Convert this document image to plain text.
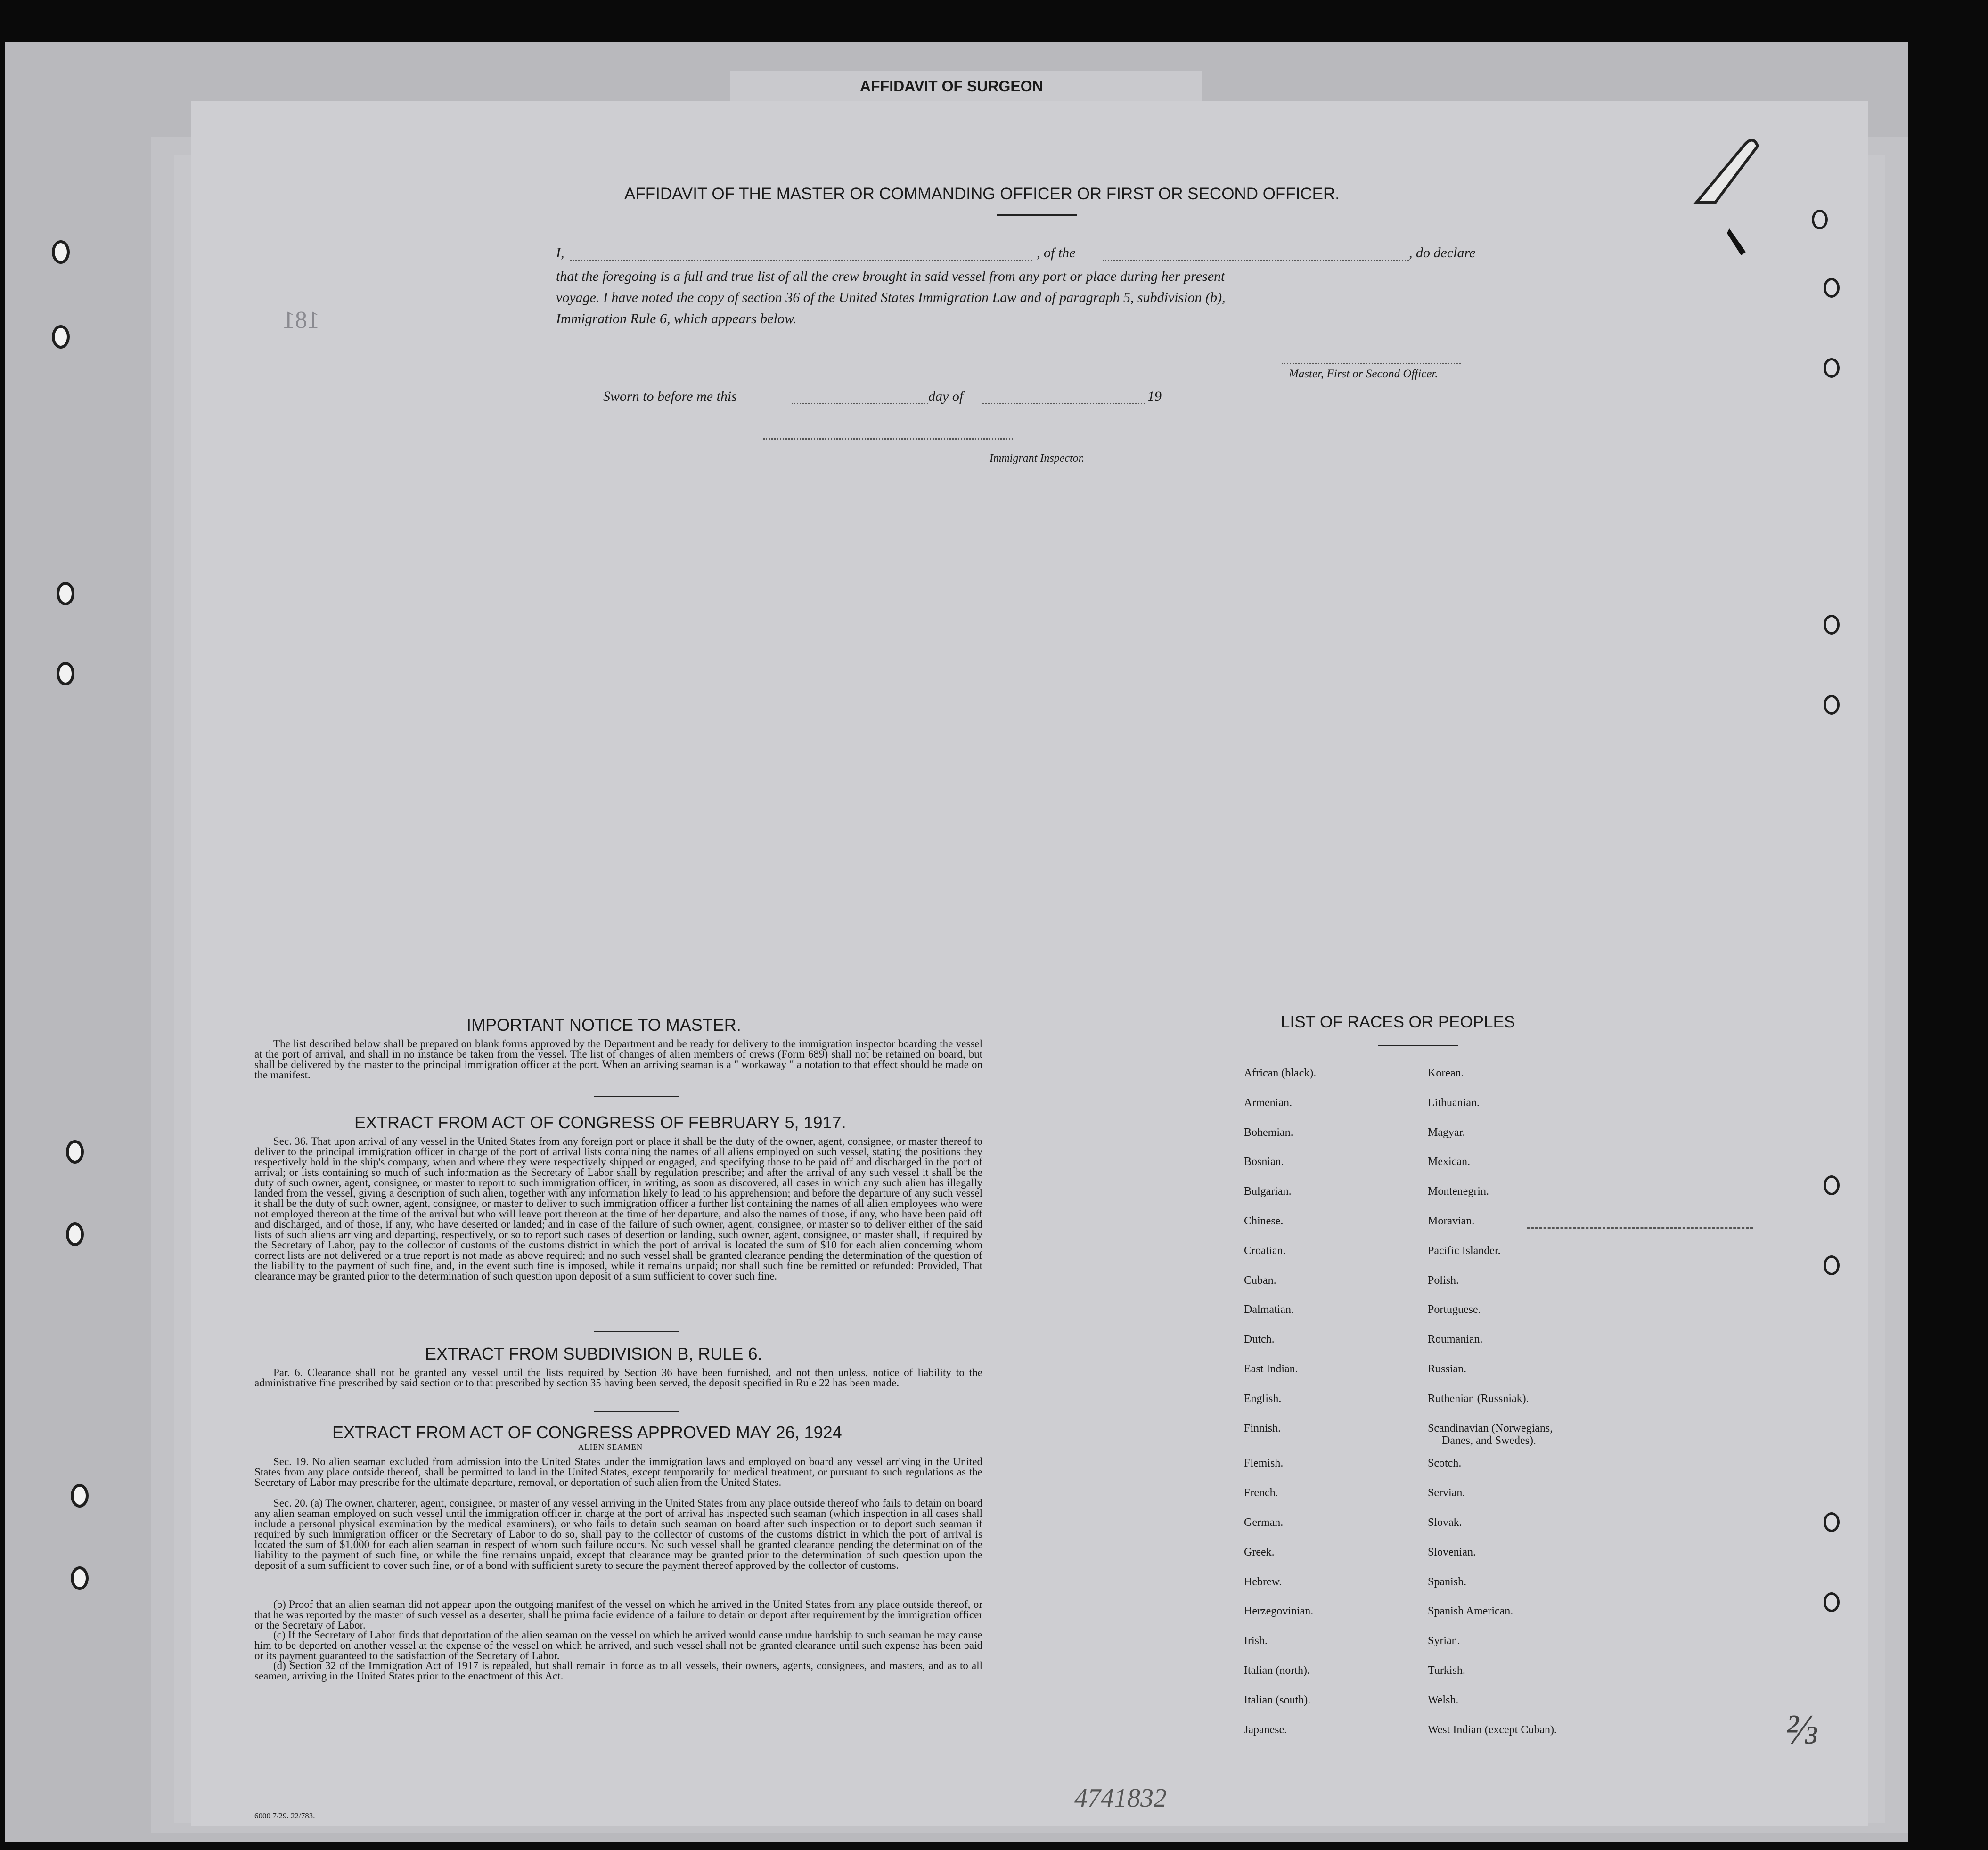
AFFIDAVIT OF SURGEON
181
AFFIDAVIT OF THE MASTER OR COMMANDING OFFICER OR FIRST OR SECOND OFFICER.
I,	, of the	, do declare
that the foregoing is a full and true list of all the crew brought in said vessel from any port or place during her present
voyage. I have noted the copy of section 36 of the United States Immigration Law and of paragraph 5, subdivision (b),
Immigration Rule 6, which appears below.
Master, First or Second Officer.
Sworn to before me this	day of	19
Immigrant Inspector.
IMPORTANT NOTICE TO MASTER.
The list described below shall be prepared on blank forms approved by the Department and be ready for delivery to the immigration inspector boarding the vessel at the port of arrival, and shall in no instance be taken from the vessel. The list of changes of alien members of crews (Form 689) shall not be retained on board, but shall be delivered by the master to the principal immigration officer at the port. When an arriving seaman is a " workaway " a notation to that effect should be made on the manifest.
EXTRACT FROM ACT OF CONGRESS OF FEBRUARY 5, 1917.
Sec. 36. That upon arrival of any vessel in the United States from any foreign port or place it shall be the duty of the owner, agent, consignee, or master thereof to deliver to the principal immigration officer in charge of the port of arrival lists containing the names of all aliens employed on such vessel, stating the positions they respectively hold in the ship's company, when and where they were respectively shipped or engaged, and specifying those to be paid off and discharged in the port of arrival; or lists containing so much of such information as the Secretary of Labor shall by regulation prescribe; and after the arrival of any such vessel it shall be the duty of such owner, agent, consignee, or master to report to such immigration officer, in writing, as soon as discovered, all cases in which any such alien has illegally landed from the vessel, giving a description of such alien, together with any information likely to lead to his apprehension; and before the departure of any such vessel it shall be the duty of such owner, agent, consignee, or master to deliver to such immigration officer a further list containing the names of all alien employees who were not employed thereon at the time of the arrival but who will leave port thereon at the time of her departure, and also the names of those, if any, who have been paid off and discharged, and of those, if any, who have deserted or landed; and in case of the failure of such owner, agent, consignee, or master so to deliver either of the said lists of such aliens arriving and departing, respectively, or so to report such cases of desertion or landing, such owner, agent, consignee, or master shall, if required by the Secretary of Labor, pay to the collector of customs of the customs district in which the port of arrival is located the sum of $10 for each alien concerning whom correct lists are not delivered or a true report is not made as above required; and no such vessel shall be granted clearance pending the determination of the question of the liability to the payment of such fine, and, in the event such fine is imposed, while it remains unpaid; nor shall such fine be remitted or refunded: Provided, That clearance may be granted prior to the determination of such question upon deposit of a sum sufficient to cover such fine.
EXTRACT FROM SUBDIVISION B, RULE 6.
Par. 6. Clearance shall not be granted any vessel until the lists required by Section 36 have been furnished, and not then unless, notice of liability to the administrative fine prescribed by said section or to that prescribed by section 35 having been served, the deposit specified in Rule 22 has been made.
EXTRACT FROM ACT OF CONGRESS APPROVED MAY 26, 1924
ALIEN SEAMEN
Sec. 19. No alien seaman excluded from admission into the United States under the immigration laws and employed on board any vessel arriving in the United States from any place outside thereof, shall be permitted to land in the United States, except temporarily for medical treatment, or pursuant to such regulations as the Secretary of Labor may prescribe for the ultimate departure, removal, or deportation of such alien from the United States.
Sec. 20. (a) The owner, charterer, agent, consignee, or master of any vessel arriving in the United States from any place outside thereof who fails to detain on board any alien seaman employed on such vessel until the immigration officer in charge at the port of arrival has inspected such seaman (which inspection in all cases shall include a personal physical examination by the medical examiners), or who fails to detain such seaman on board after such inspection or to deport such seaman if required by such immigration officer or the Secretary of Labor to do so, shall pay to the collector of customs of the customs district in which the port of arrival is located the sum of $1,000 for each alien seaman in respect of whom such failure occurs. No such vessel shall be granted clearance pending the determination of the liability to the payment of such fine, or while the fine remains unpaid, except that clearance may be granted prior to the determination of such question upon the deposit of a sum sufficient to cover such fine, or of a bond with sufficient surety to secure the payment thereof approved by the collector of customs.
(b) Proof that an alien seaman did not appear upon the outgoing manifest of the vessel on which he arrived in the United States from any place outside thereof, or that he was reported by the master of such vessel as a deserter, shall be prima facie evidence of a failure to detain or deport after requirement by the immigration officer or the Secretary of Labor.
(c) If the Secretary of Labor finds that deportation of the alien seaman on the vessel on which he arrived would cause undue hardship to such seaman he may cause him to be deported on another vessel at the expense of the vessel on which he arrived, and such vessel shall not be granted clearance until such expense has been paid or its payment guaranteed to the satisfaction of the Secretary of Labor.
(d) Section 32 of the Immigration Act of 1917 is repealed, but shall remain in force as to all vessels, their owners, agents, consignees, and masters, and as to all seamen, arriving in the United States prior to the enactment of this Act.
LIST OF RACES OR PEOPLES
African (black).
Armenian.
Bohemian.
Bosnian.
Bulgarian.
Chinese.
Croatian.
Cuban.
Dalmatian.
Dutch.
East Indian.
English.
Finnish.
Flemish.
French.
German.
Greek.
Hebrew.
Herzegovinian.
Irish.
Italian (north).
Italian (south).
Japanese.
Korean.
Lithuanian.
Magyar.
Mexican.
Montenegrin.
Moravian.
Pacific Islander.
Polish.
Portuguese.
Roumanian.
Russian.
Ruthenian (Russniak).
Scandinavian (Norwegians,
Scotch.
Servian.
Slovak.
Slovenian.
Spanish.
Spanish American.
Syrian.
Turkish.
Welsh.
West Indian (except Cuban).
Danes, and Swedes).
4741832
6000 7/29. 22/783.
⅔
